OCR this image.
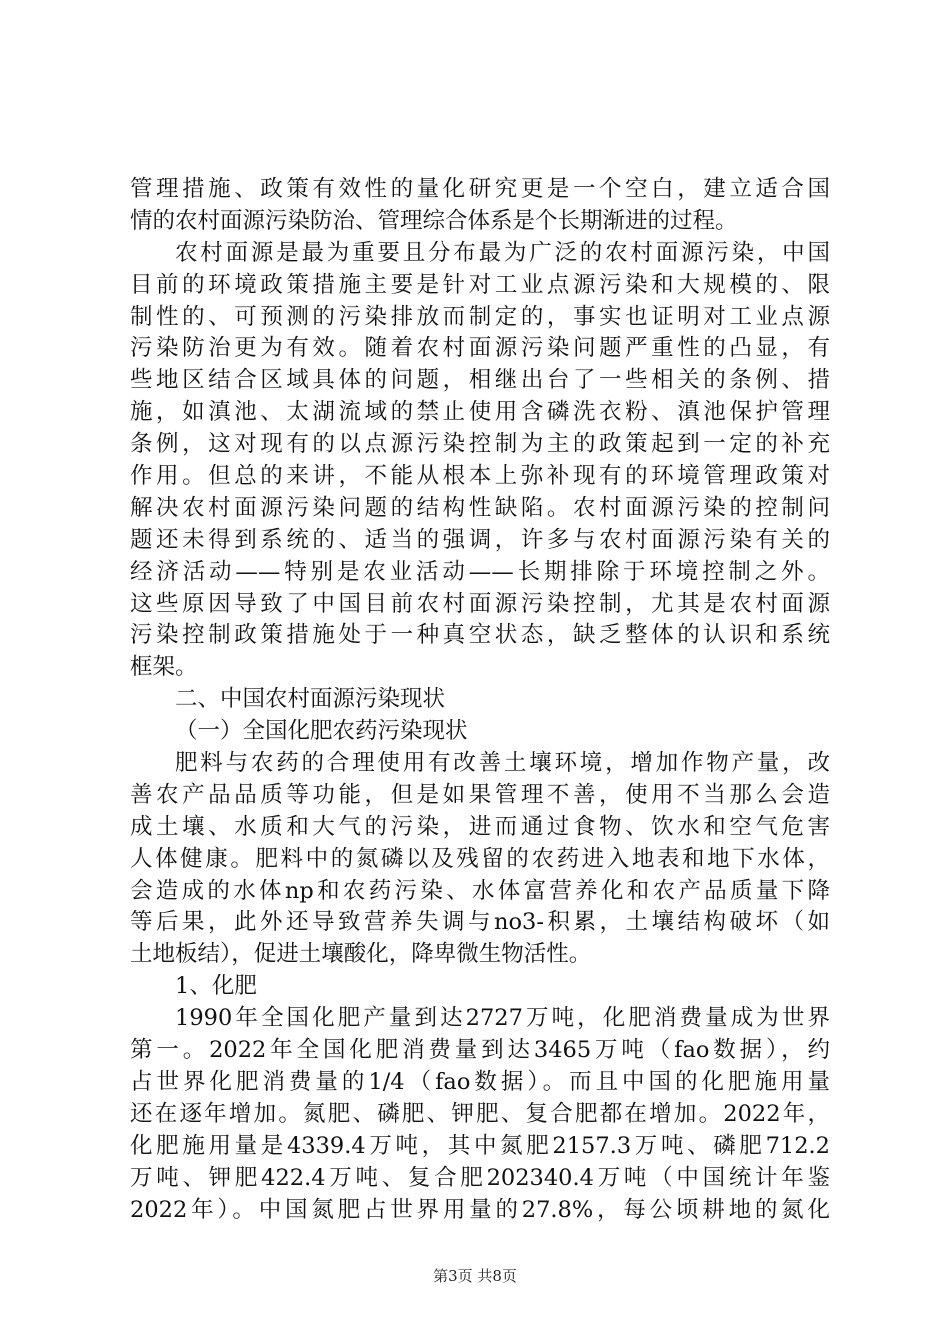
管理措施、政策有效性的量化研究更是一个空白，建立适合国
情的农村面源污染防治、管理综合体系是个长期渐进的过程。
农村面源是最为重要且分布最为广泛的农村面源污染，中国
目前的环境政策措施主要是针对工业点源污染和大规模的、限
制性的、可预测的污染排放而制定的，事实也证明对工业点源
污染防治更为有效。随着农村面源污染问题严重性的凸显，有
些地区结合区域具体的问题，相继出台了一些相关的条例、措
施，如滇池、太湖流域的禁止使用含磷洗衣粉、滇池保护管理
条例，这对现有的以点源污染控制为主的政策起到一定的补充
作用。但总的来讲，不能从根本上弥补现有的环境管理政策对
解决农村面源污染问题的结构性缺陷。农村面源污染的控制问
题还未得到系统的、适当的强调，许多与农村面源污染有关的
经济活动——特别是农业活动——长期排除于环境控制之外。
这些原因导致了中国目前农村面源污染控制，尤其是农村面源
污染控制政策措施处于一种真空状态，缺乏整体的认识和系统
框架。
二、中国农村面源污染现状
（一）全国化肥农药污染现状
肥料与农药的合理使用有改善土壤环境，增加作物产量，改
善农产品品质等功能，但是如果管理不善，使用不当那么会造
成土壤、水质和大气的污染，进而通过食物、饮水和空气危害
人体健康。肥料中的氮磷以及残留的农药进入地表和地下水体，
会造成的水体np和农药污染、水体富营养化和农产品质量下降
等后果，此外还导致营养失调与no3-积累，土壤结构破坏（如
土地板结），促进土壤酸化，降卑微生物活性。
1、化肥
1990年全国化肥产量到达2727万吨，化肥消费量成为世界
第一。2022年全国化肥消费量到达3465万吨（fao数据），约
占世界化肥消费量的1/4（fao数据）。而且中国的化肥施用量
还在逐年增加。氮肥、磷肥、钾肥、复合肥都在增加。2022年，
化肥施用量是4339.4万吨，其中氮肥2157.3万吨、磷肥712.2
万吨、钾肥422.4万吨、复合肥202340.4万吨（中国统计年鉴
2022年）。中国氮肥占世界用量的27.8%，每公顷耕地的氮化
第3页 共8页
